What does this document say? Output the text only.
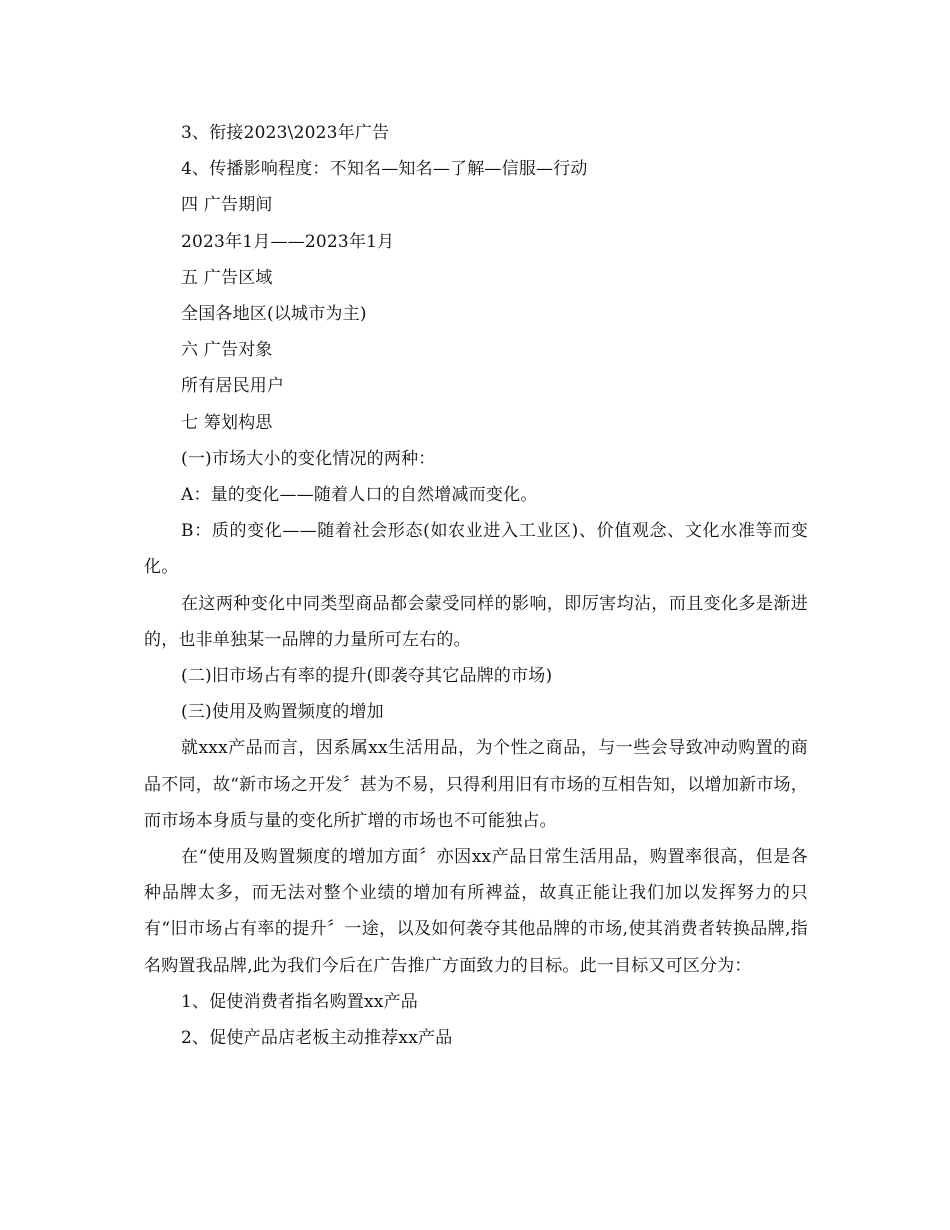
3、衔接2023\2023年广告

4、传播影响程度：不知名—知名—了解—信服—行动

四 广告期间

2023年1月——2023年1月

五 广告区域

全国各地区(以城市为主)

六 广告对象

所有居民用户

七 筹划构思

(一)市场大小的变化情况的两种：

A：量的变化——随着人口的自然增减而变化。

B：质的变化——随着社会形态(如农业进入工业区)、价值观念、文化水准等而变化。

在这两种变化中同类型商品都会蒙受同样的影响，即厉害均沾，而且变化多是渐进的，也非单独某一品牌的力量所可左右的。

(二)旧市场占有率的提升(即袭夺其它品牌的市场)

(三)使用及购置频度的增加

就xxx产品而言，因系属xx生活用品，为个性之商品，与一些会导致冲动购置的商品不同，故“新市场之开发〞甚为不易，只得利用旧有市场的互相告知，以增加新市场，而市场本身质与量的变化所扩增的市场也不可能独占。

在“使用及购置频度的增加方面〞亦因xx产品日常生活用品，购置率很高，但是各种品牌太多，而无法对整个业绩的增加有所裨益，故真正能让我们加以发挥努力的只有“旧市场占有率的提升〞一途，以及如何袭夺其他品牌的市场,使其消费者转换品牌,指名购置我品牌,此为我们今后在广告推广方面致力的目标。此一目标又可区分为：

1、促使消费者指名购置xx产品

2、促使产品店老板主动推荐xx产品
